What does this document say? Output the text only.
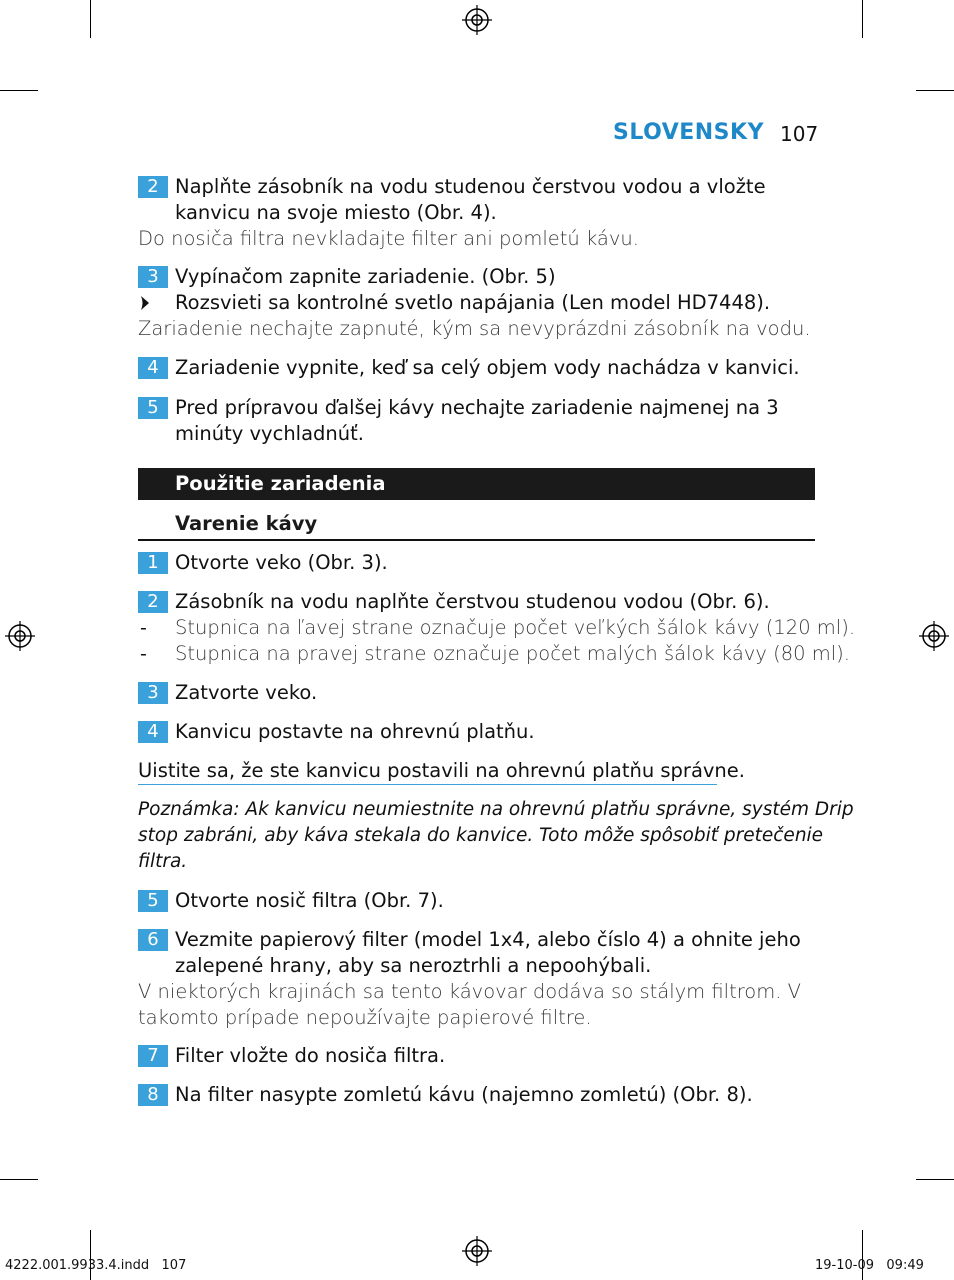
SLOVENSKY 107
2 Naplňte zásobník na vodu studenou čerstvou vodou a vložte
kanvicu na svoje miesto (Obr. 4).
Do nosiča filtra nevkladajte filter ani pomletú kávu.
3 Vypínačom zapnite zariadenie. (Obr. 5)
Rozsvieti sa kontrolné svetlo napájania (Len model HD7448).
Zariadenie nechajte zapnuté, kým sa nevyprázdni zásobník na vodu.
4 Zariadenie vypnite, keď sa celý objem vody nachádza v kanvici.
5 Pred prípravou ďalšej kávy nechajte zariadenie najmenej na 3
minúty vychladnúť.
Použitie zariadenia
Varenie kávy
1 Otvorte veko (Obr. 3).
2 Zásobník na vodu naplňte čerstvou studenou vodou (Obr. 6).
- Stupnica na ľavej strane označuje počet veľkých šálok kávy (120 ml).
- Stupnica na pravej strane označuje počet malých šálok kávy (80 ml).
3 Zatvorte veko.
4 Kanvicu postavte na ohrevnú platňu.
Uistite sa, že ste kanvicu postavili na ohrevnú platňu správne.
Poznámka: Ak kanvicu neumiestnite na ohrevnú platňu správne, systém Drip
stop zabráni, aby káva stekala do kanvice. Toto môže spôsobiť pretečenie
filtra.
5 Otvorte nosič filtra (Obr. 7).
6 Vezmite papierový filter (model 1x4, alebo číslo 4) a ohnite jeho
zalepené hrany, aby sa neroztrhli a nepoohýbali.
V niektorých krajinách sa tento kávovar dodáva so stálym filtrom. V
takomto prípade nepoužívajte papierové filtre.
7 Filter vložte do nosiča filtra.
8 Na filter nasypte zomletú kávu (najemno zomletú) (Obr. 8).
4222.001.9933.4.indd   107	19-10-09   09:49
